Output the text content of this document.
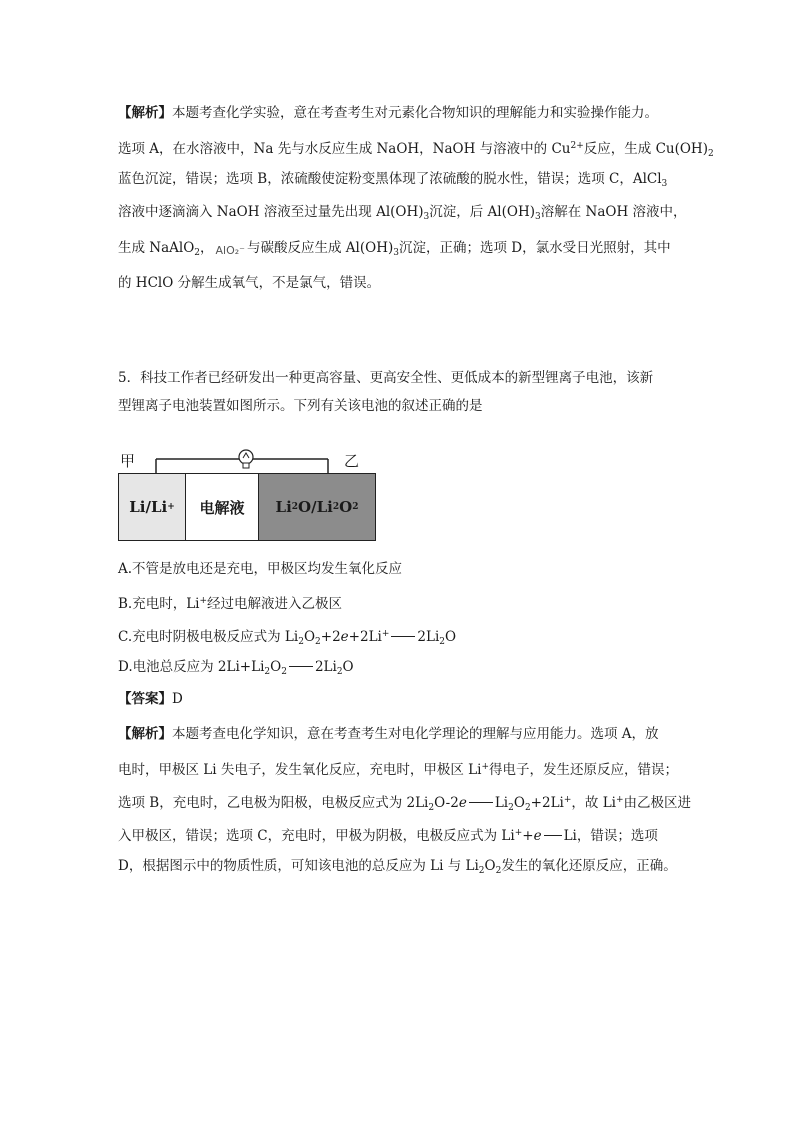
【解析】本题考查化学实验，意在考查考生对元素化合物知识的理解能力和实验操作能力。
选项 A，在水溶液中，Na 先与水反应生成 NaOH，NaOH 与溶液中的 $Cu^{2+}$反应，生成 $Cu(OH)_2$
蓝色沉淀，错误；选项 B，浓硫酸使淀粉变黑体现了浓硫酸的脱水性，错误；选项 C，AlCl$_3$
溶液中逐滴滴入 NaOH 溶液至过量先出现 $Al(OH)_3$沉淀，后 $Al(OH)_3$溶解在 NaOH 溶液中，
生成 NaAlO$_2$， AlO₂⁻ 与碳酸反应生成 $Al(OH)_3$沉淀，正确；选项 D，氯水受日光照射，其中
的 HClO 分解生成氧气，不是氯气，错误。
5．科技工作者已经研发出一种更高容量、更高安全性、更低成本的新型锂离子电池，该新
型锂离子电池装置如图所示。下列有关该电池的叙述正确的是
甲	乙
Li/Li + 电解液 Li 2 O/Li 2 O 2
A.不管是放电还是充电，甲极区均发生氧化反应
B.充电时，Li+经过电解液进入乙极区
C.充电时阴极电极反应式为 $Li_2O_2+2e+2Li^+$ $2Li_2O$
D.电池总反应为 $2Li+Li_2O_2$ $2Li_2O$
【答案】D
【解析】本题考查电化学知识，意在考查考生对电化学理论的理解与应用能力。选项 A，放
电时，甲极区 Li 失电子，发生氧化反应，充电时，甲极区 Li+得电子，发生还原反应，错误；
选项 B，充电时，乙电极为阳极，电极反应式为 $2Li_2O-2e$ $Li_2O_2+2Li^+$，故 Li+由乙极区进
入甲极区，错误；选项 C，充电时，甲极为阴极，电极反应式为 Li++e Li，错误；选项
D，根据图示中的物质性质，可知该电池的总反应为 Li 与 $Li_2O_2$发生的氧化还原反应，正确。
